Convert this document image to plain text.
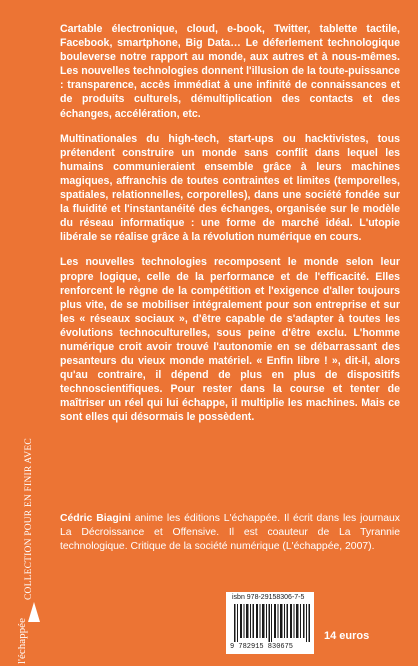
Cartable électronique, cloud, e-book, Twitter, tablette tactile, Facebook, smartphone, Big Data… Le déferlement technologique bouleverse notre rapport au monde, aux autres et à nous-mêmes. Les nouvelles technologies donnent l'illusion de la toute-puissance : transparence, accès immédiat à une infinité de connaissances et de produits culturels, démultiplication des contacts et des échanges, accélération, etc.

Multinationales du high-tech, start-ups ou hacktivistes, tous prétendent construire un monde sans conflit dans lequel les humains communieraient ensemble grâce à leurs machines magiques, affranchis de toutes contraintes et limites (temporelles, spatiales, relationnelles, corporelles), dans une société fondée sur la fluidité et l'instantanéité des échanges, organisée sur le modèle du réseau informatique : une forme de marché idéal. L'utopie libérale se réalise grâce à la révolution numérique en cours.

Les nouvelles technologies recomposent le monde selon leur propre logique, celle de la performance et de l'efficacité. Elles renforcent le règne de la compétition et l'exigence d'aller toujours plus vite, de se mobiliser intégralement pour son entreprise et sur les « réseaux sociaux », d'être capable de s'adapter à toutes les évolutions technoculturelles, sous peine d'être exclu. L'homme numérique croit avoir trouvé l'autonomie en se débarrassant des pesanteurs du vieux monde matériel. « Enfin libre ! », dit-il, alors qu'au contraire, il dépend de plus en plus de dispositifs technoscientifiques. Pour rester dans la course et tenter de maîtriser un réel qui lui échappe, il multiplie les machines. Mais ce sont elles qui désormais le possèdent.

Cédric Biagini anime les éditions L'échappée. Il écrit dans les journaux La Décroissance et Offensive. Il est coauteur de La Tyrannie technologique. Critique de la société numérique (L'échappée, 2007).
COLLECTION POUR EN FINIR AVEC
l'échappée
isbn 978-29158306-7-5
9 782915 830675
14 euros
